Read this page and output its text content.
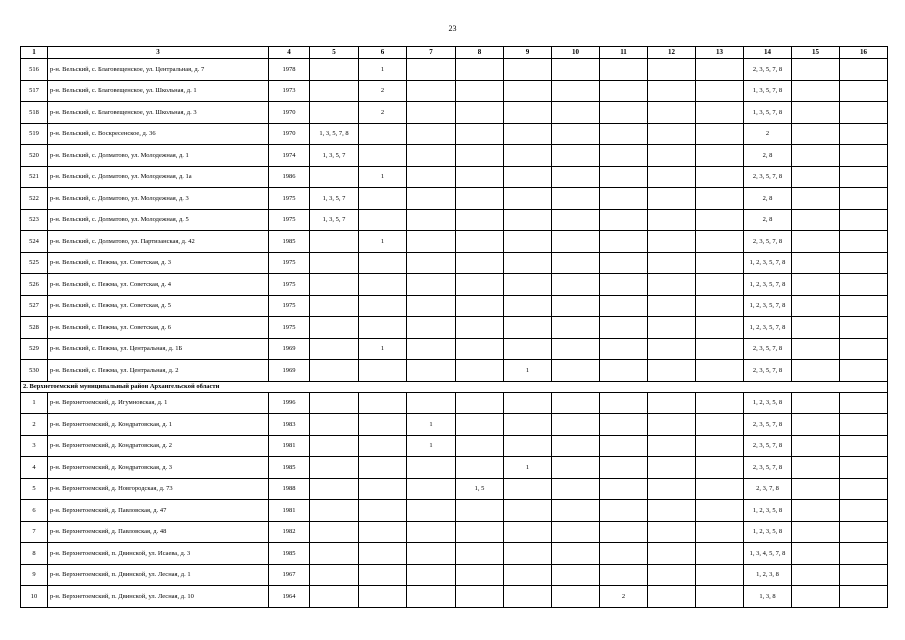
23
1	3	4	5	6	7	8	9	10	11	12	13	14	15	16
516	р-н. Вельский, с. Благовещенское, ул. Центральная, д. 7	1978		1								2, 3, 5, 7, 8		
517	р-н. Вельский, с. Благовещенское, ул. Школьная, д. 1	1973		2								1, 3, 5, 7, 8		
518	р-н. Вельский, с. Благовещенское, ул. Школьная, д. 3	1970		2								1, 3, 5, 7, 8		
519	р-н. Вельский, с. Воскресенское, д. 36	1970	1, 3, 5, 7, 8									2		
520	р-н. Вельский, с. Долматово, ул. Молодежная, д. 1	1974	1, 3, 5, 7									2, 8		
521	р-н. Вельский, с. Долматово, ул. Молодежная, д. 1а	1986		1								2, 3, 5, 7, 8		
522	р-н. Вельский, с. Долматово, ул. Молодежная, д. 3	1975	1, 3, 5, 7									2, 8		
523	р-н. Вельский, с. Долматово, ул. Молодежная, д. 5	1975	1, 3, 5, 7									2, 8		
524	р-н. Вельский, с. Долматово, ул. Партизанская, д. 42	1985		1								2, 3, 5, 7, 8		
525	р-н. Вельский, с. Пежма, ул. Советская, д. 3	1975										1, 2, 3, 5, 7, 8		
526	р-н. Вельский, с. Пежма, ул. Советская, д. 4	1975										1, 2, 3, 5, 7, 8		
527	р-н. Вельский, с. Пежма, ул. Советская, д. 5	1975										1, 2, 3, 5, 7, 8		
528	р-н. Вельский, с. Пежма, ул. Советская, д. 6	1975										1, 2, 3, 5, 7, 8		
529	р-н. Вельский, с. Пежма, ул. Центральная, д. 1Б	1969		1								2, 3, 5, 7, 8		
530	р-н. Вельский, с. Пежма, ул. Центральная, д. 2	1969					1					2, 3, 5, 7, 8		
2. Верхнетоемский муниципальный район Архангельской области														
1	р-н. Верхнетоемский, д. Игумновская, д. 1	1996										1, 2, 3, 5, 8		
2	р-н. Верхнетоемский, д. Кондратовская, д. 1	1983			1							2, 3, 5, 7, 8		
3	р-н. Верхнетоемский, д. Кондратовская, д. 2	1981			1							2, 3, 5, 7, 8		
4	р-н. Верхнетоемский, д. Кондратовская, д. 3	1985					1					2, 3, 5, 7, 8		
5	р-н. Верхнетоемский, д. Новгородская, д. 73	1988				1, 5						2, 3, 7, 8		
6	р-н. Верхнетоемский, д. Павловская, д. 47	1981										1, 2, 3, 5, 8		
7	р-н. Верхнетоемский, д. Павловская, д. 48	1982										1, 2, 3, 5, 8		
8	р-н. Верхнетоемский, п. Двинской, ул. Исаева, д. 3	1985										1, 3, 4, 5, 7, 8		
9	р-н. Верхнетоемский, п. Двинской, ул. Лесная, д. 1	1967										1, 2, 3, 8		
10	р-н. Верхнетоемский, п. Двинской, ул. Лесная, д. 10	1964							2			1, 3, 8		
